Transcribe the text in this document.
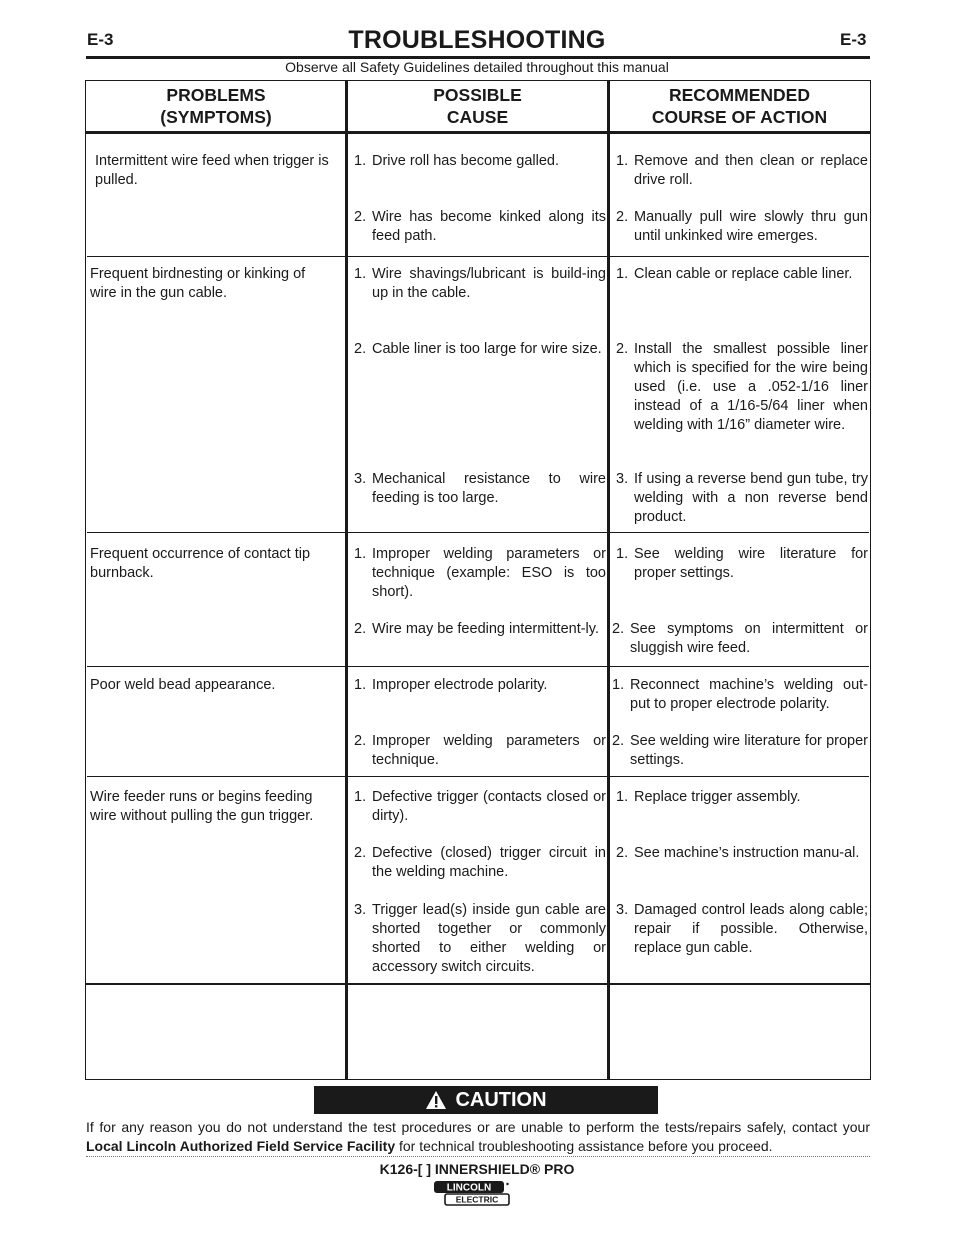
E-3	E-3
TROUBLESHOOTING
Observe all Safety Guidelines detailed throughout this manual
PROBLEMS
(SYMPTOMS)
POSSIBLE
CAUSE
RECOMMENDED
COURSE OF ACTION
Intermittent wire feed when trigger is pulled.
1. Drive roll has become galled.
2. Wire has become kinked along its feed path.
1. Remove and then clean or replace drive roll.
2. Manually pull wire slowly thru gun until unkinked wire emerges.
Frequent birdnesting or kinking of wire in the gun cable.
1. Wire shavings/lubricant is build-ing up in the cable.
2. Cable liner is too large for wire size.
3. Mechanical resistance to wire feeding is too large.
1. Clean cable or replace cable liner.
2. Install the smallest possible liner which is specified for the wire being used (i.e. use a .052-1/16 liner instead of a 1/16-5/64 liner when welding with 1/16” diameter wire.
3. If using a reverse bend gun tube, try welding with a non reverse bend product.
Frequent occurrence of contact tip burnback.
1. Improper welding parameters or technique (example: ESO is too short).
2. Wire may be feeding intermittent-ly.
1. See welding wire literature for proper settings.
2. See symptoms on intermittent or sluggish wire feed.
Poor weld bead appearance.	1. Improper electrode polarity.
2. Improper welding parameters or technique.
1. Reconnect machine’s welding out-put to proper electrode polarity.
2. See welding wire literature for proper settings.
Wire feeder runs or begins feeding wire without pulling the gun trigger.
1. Defective trigger (contacts closed or dirty).
2. Defective (closed) trigger circuit in the welding machine.
3. Trigger lead(s) inside gun cable are shorted together or commonly shorted to either welding or accessory switch circuits.
1. Replace trigger assembly.
2. See machine’s instruction manu-al.
3. Damaged control leads along cable; repair if possible. Otherwise, replace gun cable.
CAUTION
If for any reason you do not understand the test procedures or are unable to perform the tests/repairs safely, contact your Local Lincoln Authorized Field Service Facility for technical troubleshooting assistance before you proceed.
K126-[ ] INNERSHIELD® PRO
LINCOLN
ELECTRIC
